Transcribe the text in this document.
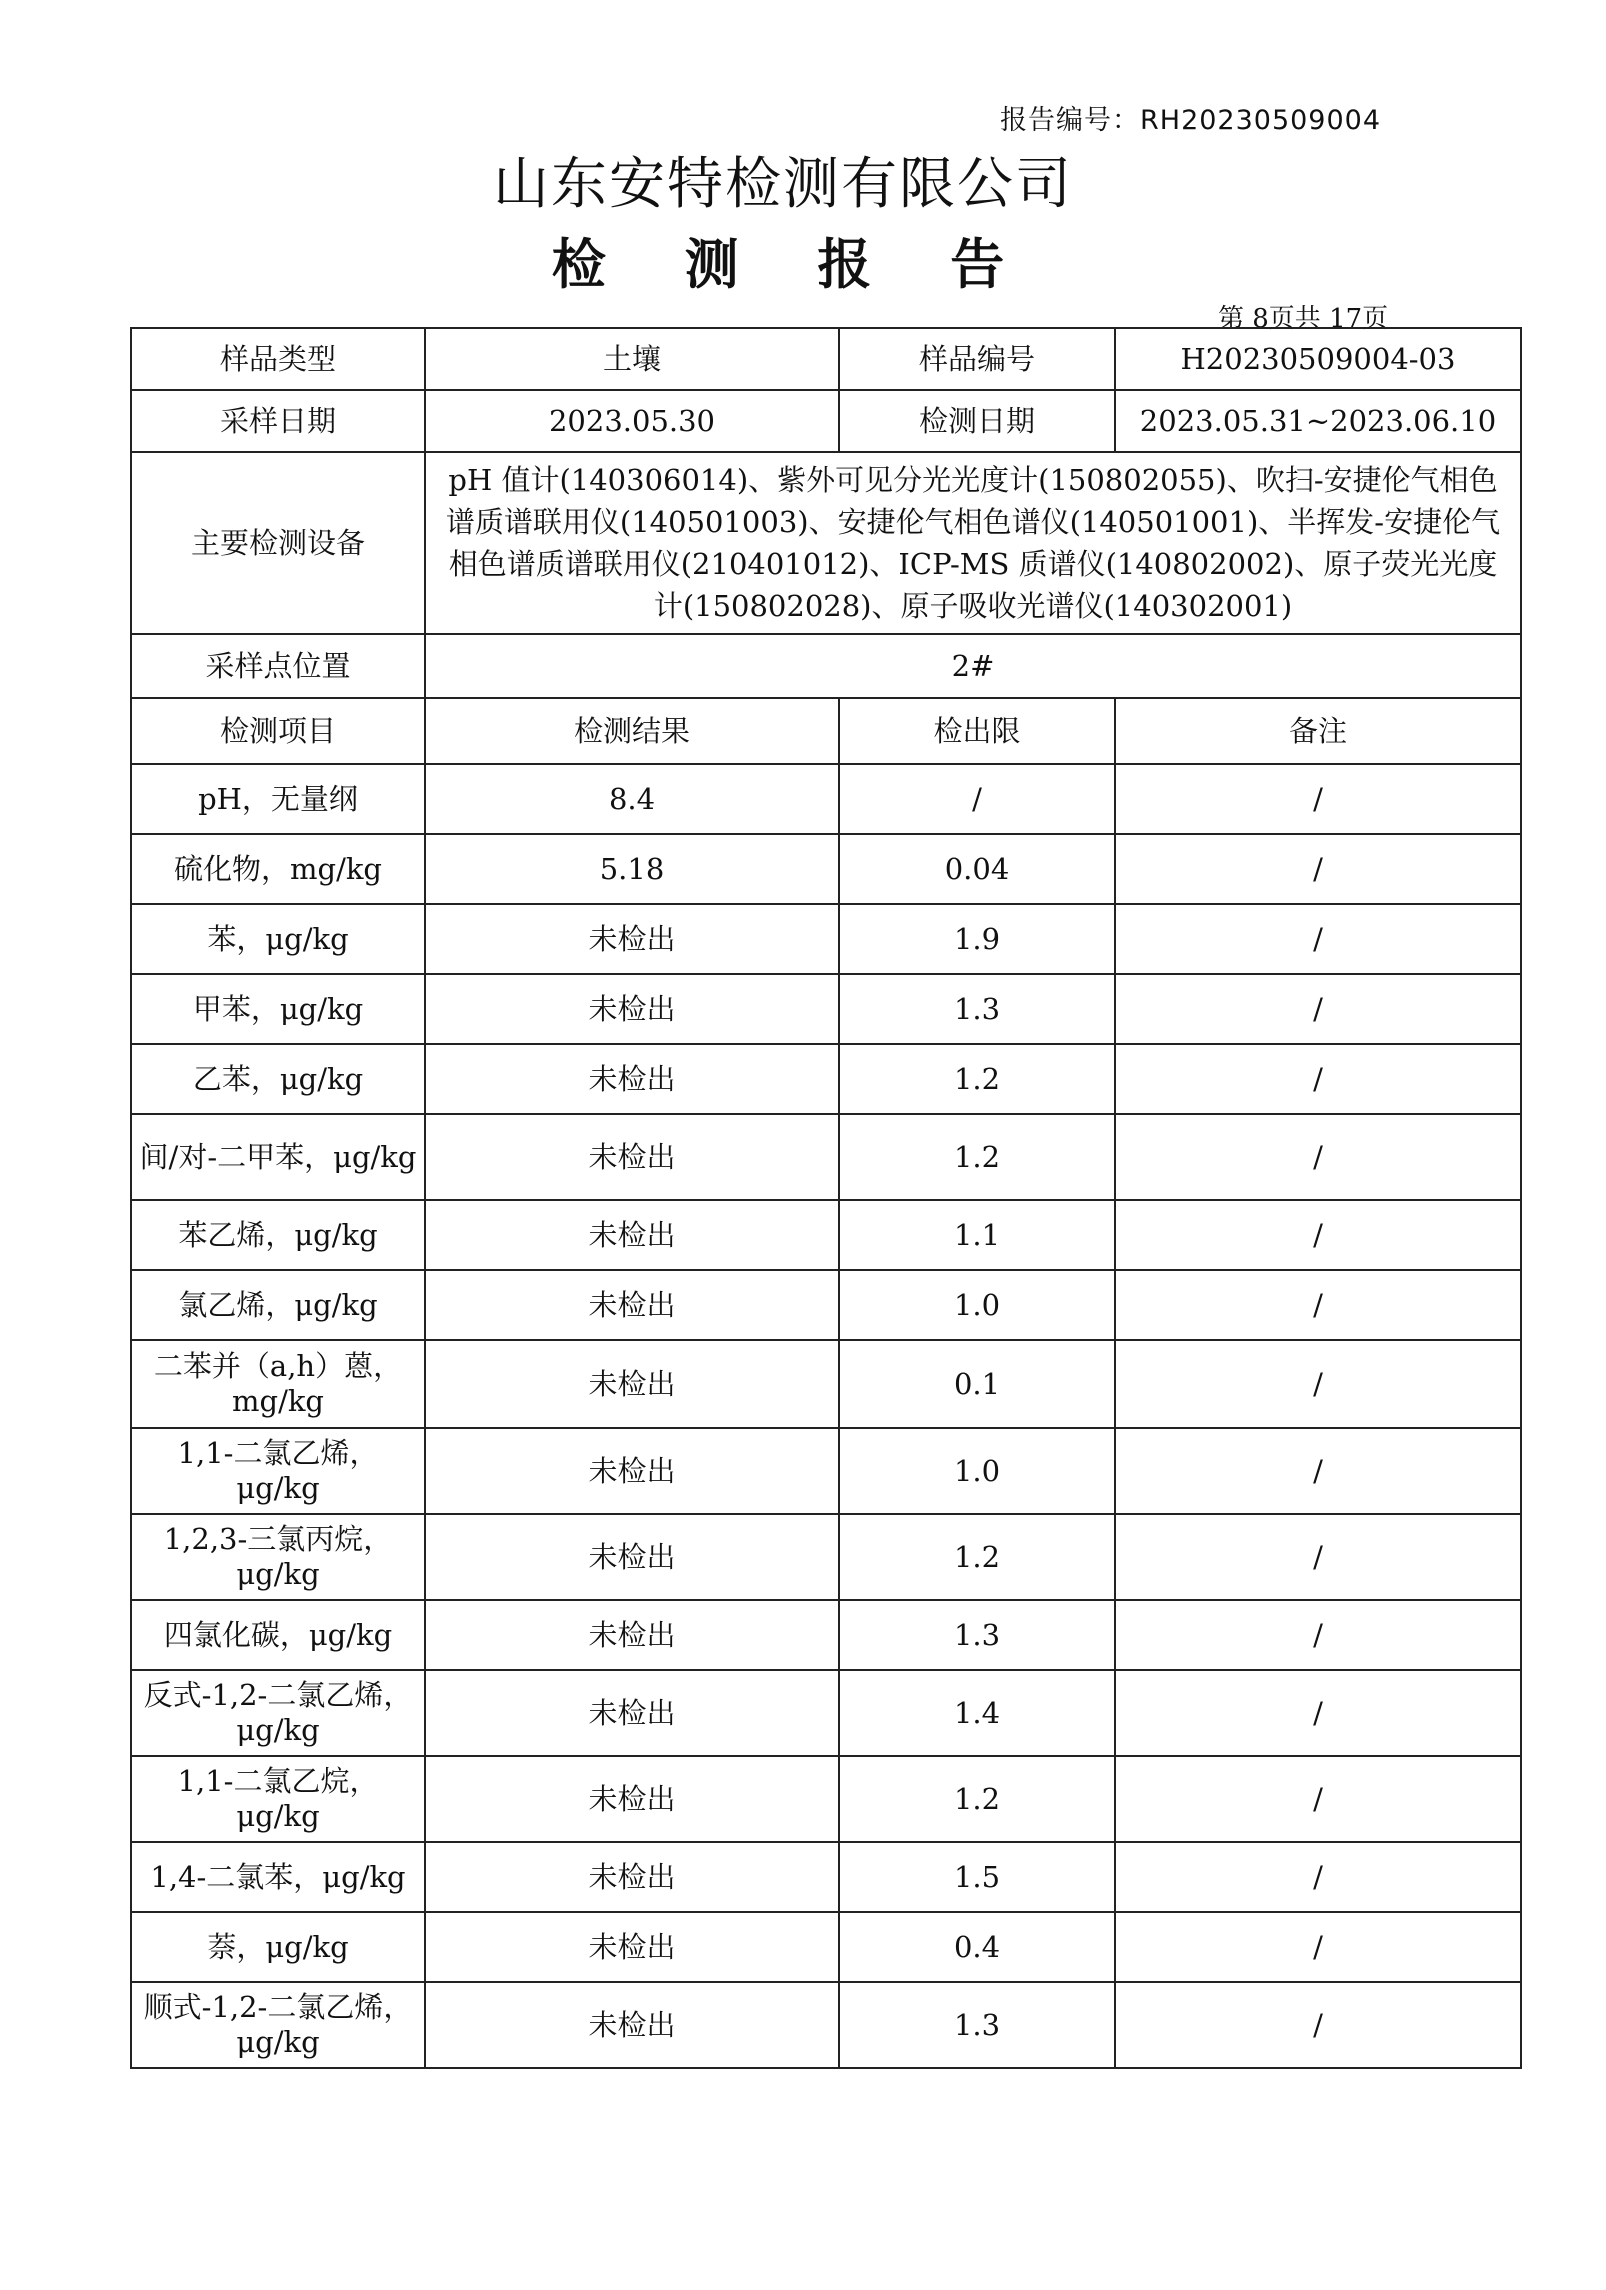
报告编号：RH20230509004
山东安特检测有限公司
检 测 报 告
第 8页共 17页
样品类型	土壤	样品编号	H20230509004-03
采样日期	2023.05.30	检测日期	2023.05.31~2023.06.10
主要检测设备	pH 值计(140306014)、紫外可见分光光度计(150802055)、吹扫-安捷伦气相色谱质谱联用仪(140501003)、安捷伦气相色谱仪(140501001)、半挥发-安捷伦气相色谱质谱联用仪(210401012)、ICP-MS 质谱仪(140802002)、原子荧光光度计(150802028)、原子吸收光谱仪(140302001)		
采样点位置	2#		
检测项目	检测结果	检出限	备注
pH，无量纲	8.4	/	/
硫化物，mg/kg	5.18	0.04	/
苯，μg/kg	未检出	1.9	/
甲苯，μg/kg	未检出	1.3	/
乙苯，μg/kg	未检出	1.2	/
间/对-二甲苯，μg/kg	未检出	1.2	/
苯乙烯，μg/kg	未检出	1.1	/
氯乙烯，μg/kg	未检出	1.0	/
二苯并（a,h）蒽，mg/kg	未检出	0.1	/
1,1-二氯乙烯，μg/kg	未检出	1.0	/
1,2,3-三氯丙烷，μg/kg	未检出	1.2	/
四氯化碳，μg/kg	未检出	1.3	/
反式-1,2-二氯乙烯，μg/kg	未检出	1.4	/
1,1-二氯乙烷，μg/kg	未检出	1.2	/
1,4-二氯苯，μg/kg	未检出	1.5	/
萘，μg/kg	未检出	0.4	/
顺式-1,2-二氯乙烯，μg/kg	未检出	1.3	/
